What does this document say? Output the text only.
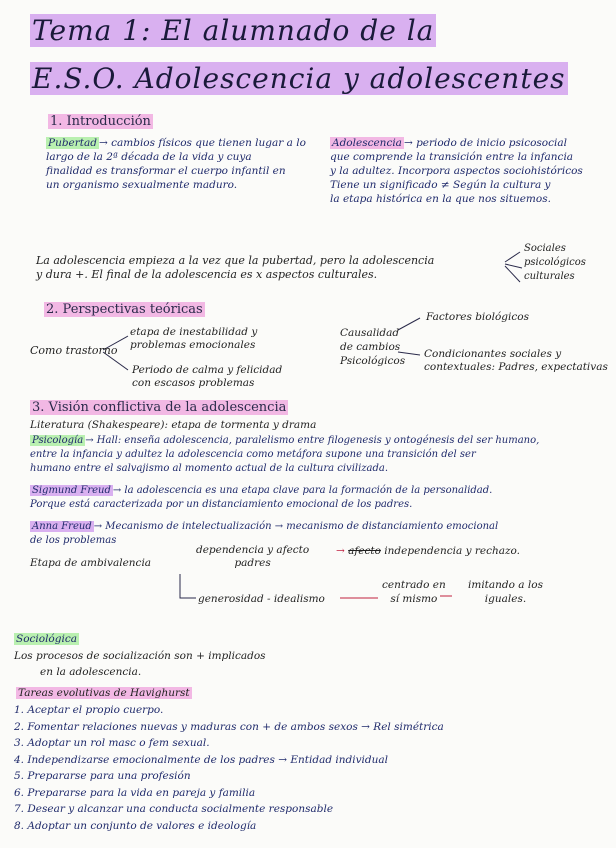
Tema 1: El alumnado de la
E.S.O. Adolescencia y adolescentes
1. Introducción
Pubertad → cambios físicos que tienen lugar a lo
largo de la 2ª década de la vida y cuya
finalidad es transformar el cuerpo infantil en
un organismo sexualmente maduro.
Adolescencia → periodo de inicio psicosocial
que comprende la transición entre la infancia
y la adultez. Incorpora aspectos sociohistóricos
Tiene un significado ≠ Según la cultura y
la etapa histórica en la que nos situemos.
La adolescencia empieza a la vez que la pubertad, pero la adolescencia
y dura +. El final de la adolescencia es x aspectos culturales.
Sociales
psicológicos
culturales
2. Perspectivas teóricas
Como trastorno
etapa de inestabilidad y
problemas emocionales
Periodo de calma y felicidad
con escasos problemas
Causalidad
de cambios
Psicológicos
Factores biológicos
Condicionantes sociales y
contextuales: Padres, expectativas
3. Visión conflictiva de la adolescencia
Literatura (Shakespeare): etapa de tormenta y drama
Psicología → Hall: enseña adolescencia, paralelismo entre filogenesis y ontogénesis del ser humano,
entre la infancia y adultez la adolescencia como metáfora supone una transición del ser
humano entre el salvajismo al momento actual de la cultura civilizada.
Sigmund Freud → la adolescencia es una etapa clave para la formación de la personalidad.
Porque está caracterizada por un distanciamiento emocional de los padres.
Anna Freud → Mecanismo de intelectualización → mecanismo de distanciamiento emocional
de los problemas
Etapa de ambivalencia
dependencia y afecto
padres
→ afecto independencia y rechazo.
generosidad - idealismo
centrado en
sí mismo
imitando a los
iguales.
Sociológica
Los procesos de socialización son + implicados
en la adolescencia.
Tareas evolutivas de Havighurst
1. Aceptar el propio cuerpo.
2. Fomentar relaciones nuevas y maduras con + de ambos sexos → Rel simétrica
3. Adoptar un rol masc o fem sexual.
4. Independizarse emocionalmente de los padres → Entidad individual
5. Prepararse para una profesión
6. Prepararse para la vida en pareja y familia
7. Desear y alcanzar una conducta socialmente responsable
8. Adoptar un conjunto de valores e ideología
